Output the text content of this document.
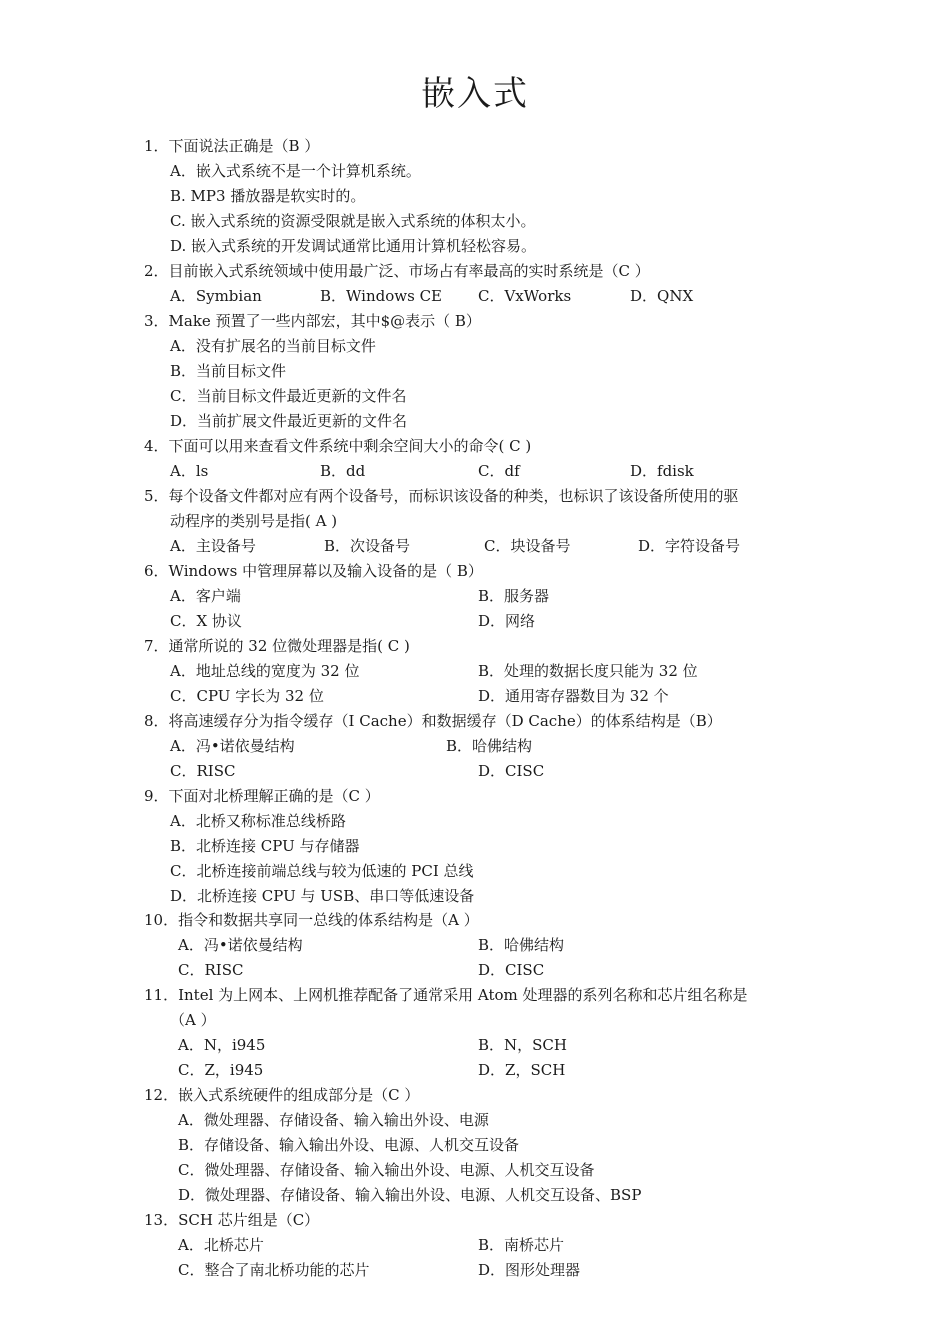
嵌入式
1．下面说法正确是（B ）
A．嵌入式系统不是一个计算机系统。
B. MP3 播放器是软实时的。
C. 嵌入式系统的资源受限就是嵌入式系统的体积太小。
D. 嵌入式系统的开发调试通常比通用计算机轻松容易。
2．目前嵌入式系统领域中使用最广泛、市场占有率最高的实时系统是（C ）
A．Symbian	B．Windows CE C．VxWorks	D．QNX
3．Make 预置了一些内部宏，其中$@表示（ B）
A．没有扩展名的当前目标文件
B．当前目标文件
C．当前目标文件最近更新的文件名
D．当前扩展文件最近更新的文件名
4．下面可以用来查看文件系统中剩余空间大小的命令( C )
A．ls	B．dd	C．df	D．fdisk
5．每个设备文件都对应有两个设备号，而标识该设备的种类，也标识了该设备所使用的驱
动程序的类别号是指( A )
A．主设备号	B．次设备号	C．块设备号	D．字符设备号
6．Windows 中管理屏幕以及输入设备的是（ B）
A．客户端	B．服务器
C．X 协议	D．网络
7．通常所说的 32 位微处理器是指( C )
A．地址总线的宽度为 32 位	B．处理的数据长度只能为 32 位
C．CPU 字长为 32 位	D．通用寄存器数目为 32 个
8．将高速缓存分为指令缓存（I Cache）和数据缓存（D Cache）的体系结构是（B）
A．冯•诺依曼结构	B．哈佛结构
C．RISC	D．CISC
9．下面对北桥理解正确的是（C ）
A．北桥又称标准总线桥路
B．北桥连接 CPU 与存储器
C．北桥连接前端总线与较为低速的 PCI 总线
D．北桥连接 CPU 与 USB、串口等低速设备
10．指令和数据共享同一总线的体系结构是（A ）
A．冯•诺依曼结构	B．哈佛结构
C．RISC	D．CISC
11．Intel 为上网本、上网机推荐配备了通常采用 Atom 处理器的系列名称和芯片组名称是
（A ）
A．N，i945	B．N，SCH
C．Z，i945	D．Z，SCH
12．嵌入式系统硬件的组成部分是（C ）
A．微处理器、存储设备、输入输出外设、电源
B．存储设备、输入输出外设、电源、人机交互设备
C．微处理器、存储设备、输入输出外设、电源、人机交互设备
D．微处理器、存储设备、输入输出外设、电源、人机交互设备、BSP
13．SCH 芯片组是（C）
A．北桥芯片	B．南桥芯片
C．整合了南北桥功能的芯片	D．图形处理器
